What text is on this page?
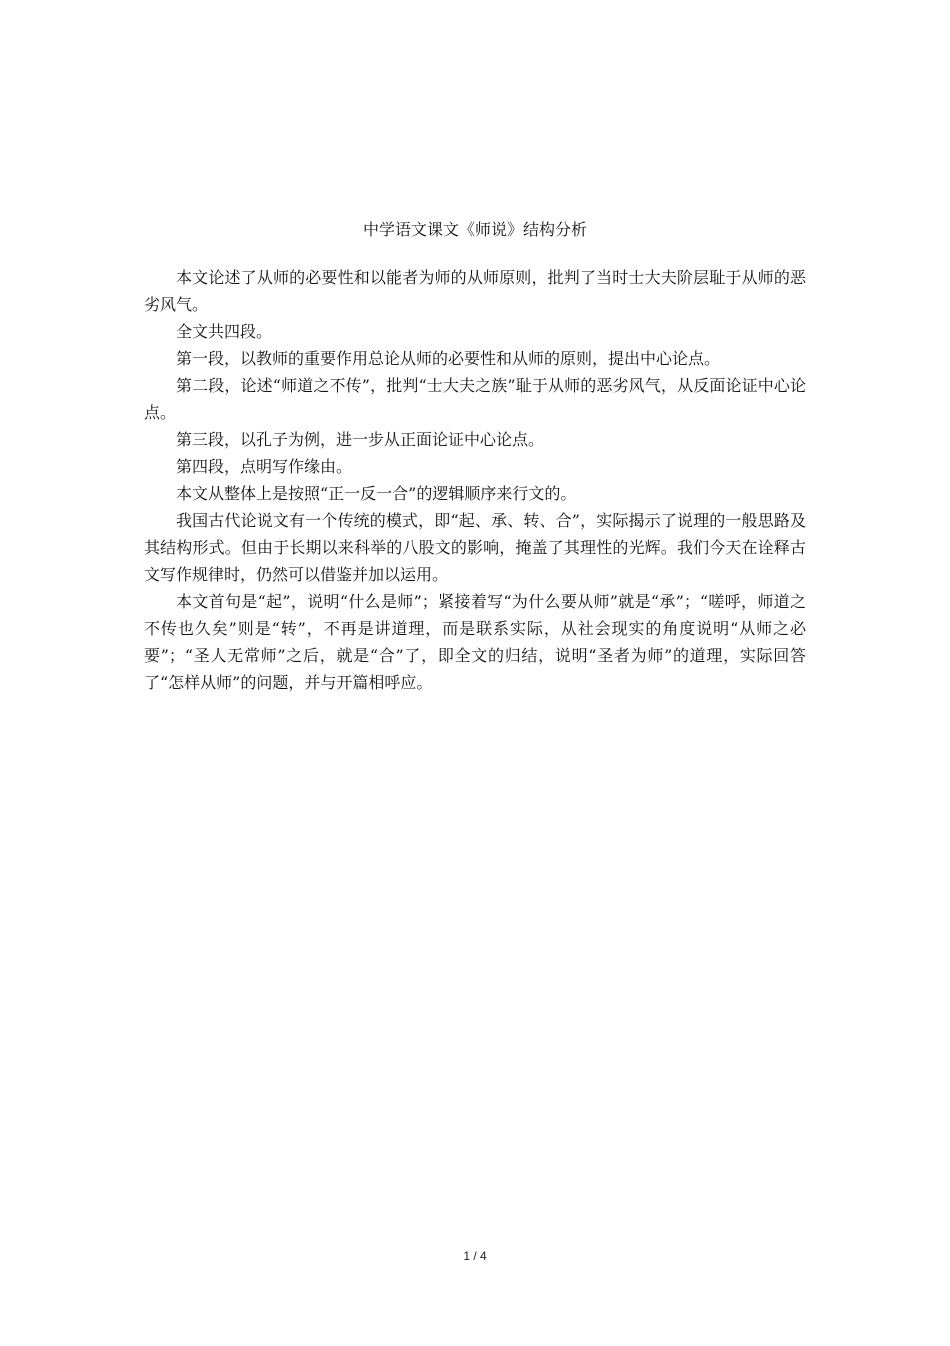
中学语文课文《师说》结构分析

本文论述了从师的必要性和以能者为师的从师原则，批判了当时士大夫阶层耻于从师的恶劣风气。

全文共四段。

第一段，以教师的重要作用总论从师的必要性和从师的原则，提出中心论点。

第二段，论述“师道之不传”，批判“士大夫之族”耻于从师的恶劣风气，从反面论证中心论点。

第三段，以孔子为例，进一步从正面论证中心论点。

第四段，点明写作缘由。

本文从整体上是按照“正一反一合”的逻辑顺序来行文的。

我国古代论说文有一个传统的模式，即“起、承、转、合”，实际揭示了说理的一般思路及其结构形式。但由于长期以来科举的八股文的影响，掩盖了其理性的光辉。我们今天在诠释古文写作规律时，仍然可以借鉴并加以运用。

本文首句是“起”，说明“什么是师”；紧接着写“为什么要从师”就是“承”；“嗟呼，师道之不传也久矣”则是“转”，不再是讲道理，而是联系实际，从社会现实的角度说明“从师之必要”；“圣人无常师”之后，就是“合”了，即全文的归结，说明“圣者为师”的道理，实际回答了“怎样从师”的问题，并与开篇相呼应。

1 / 4
